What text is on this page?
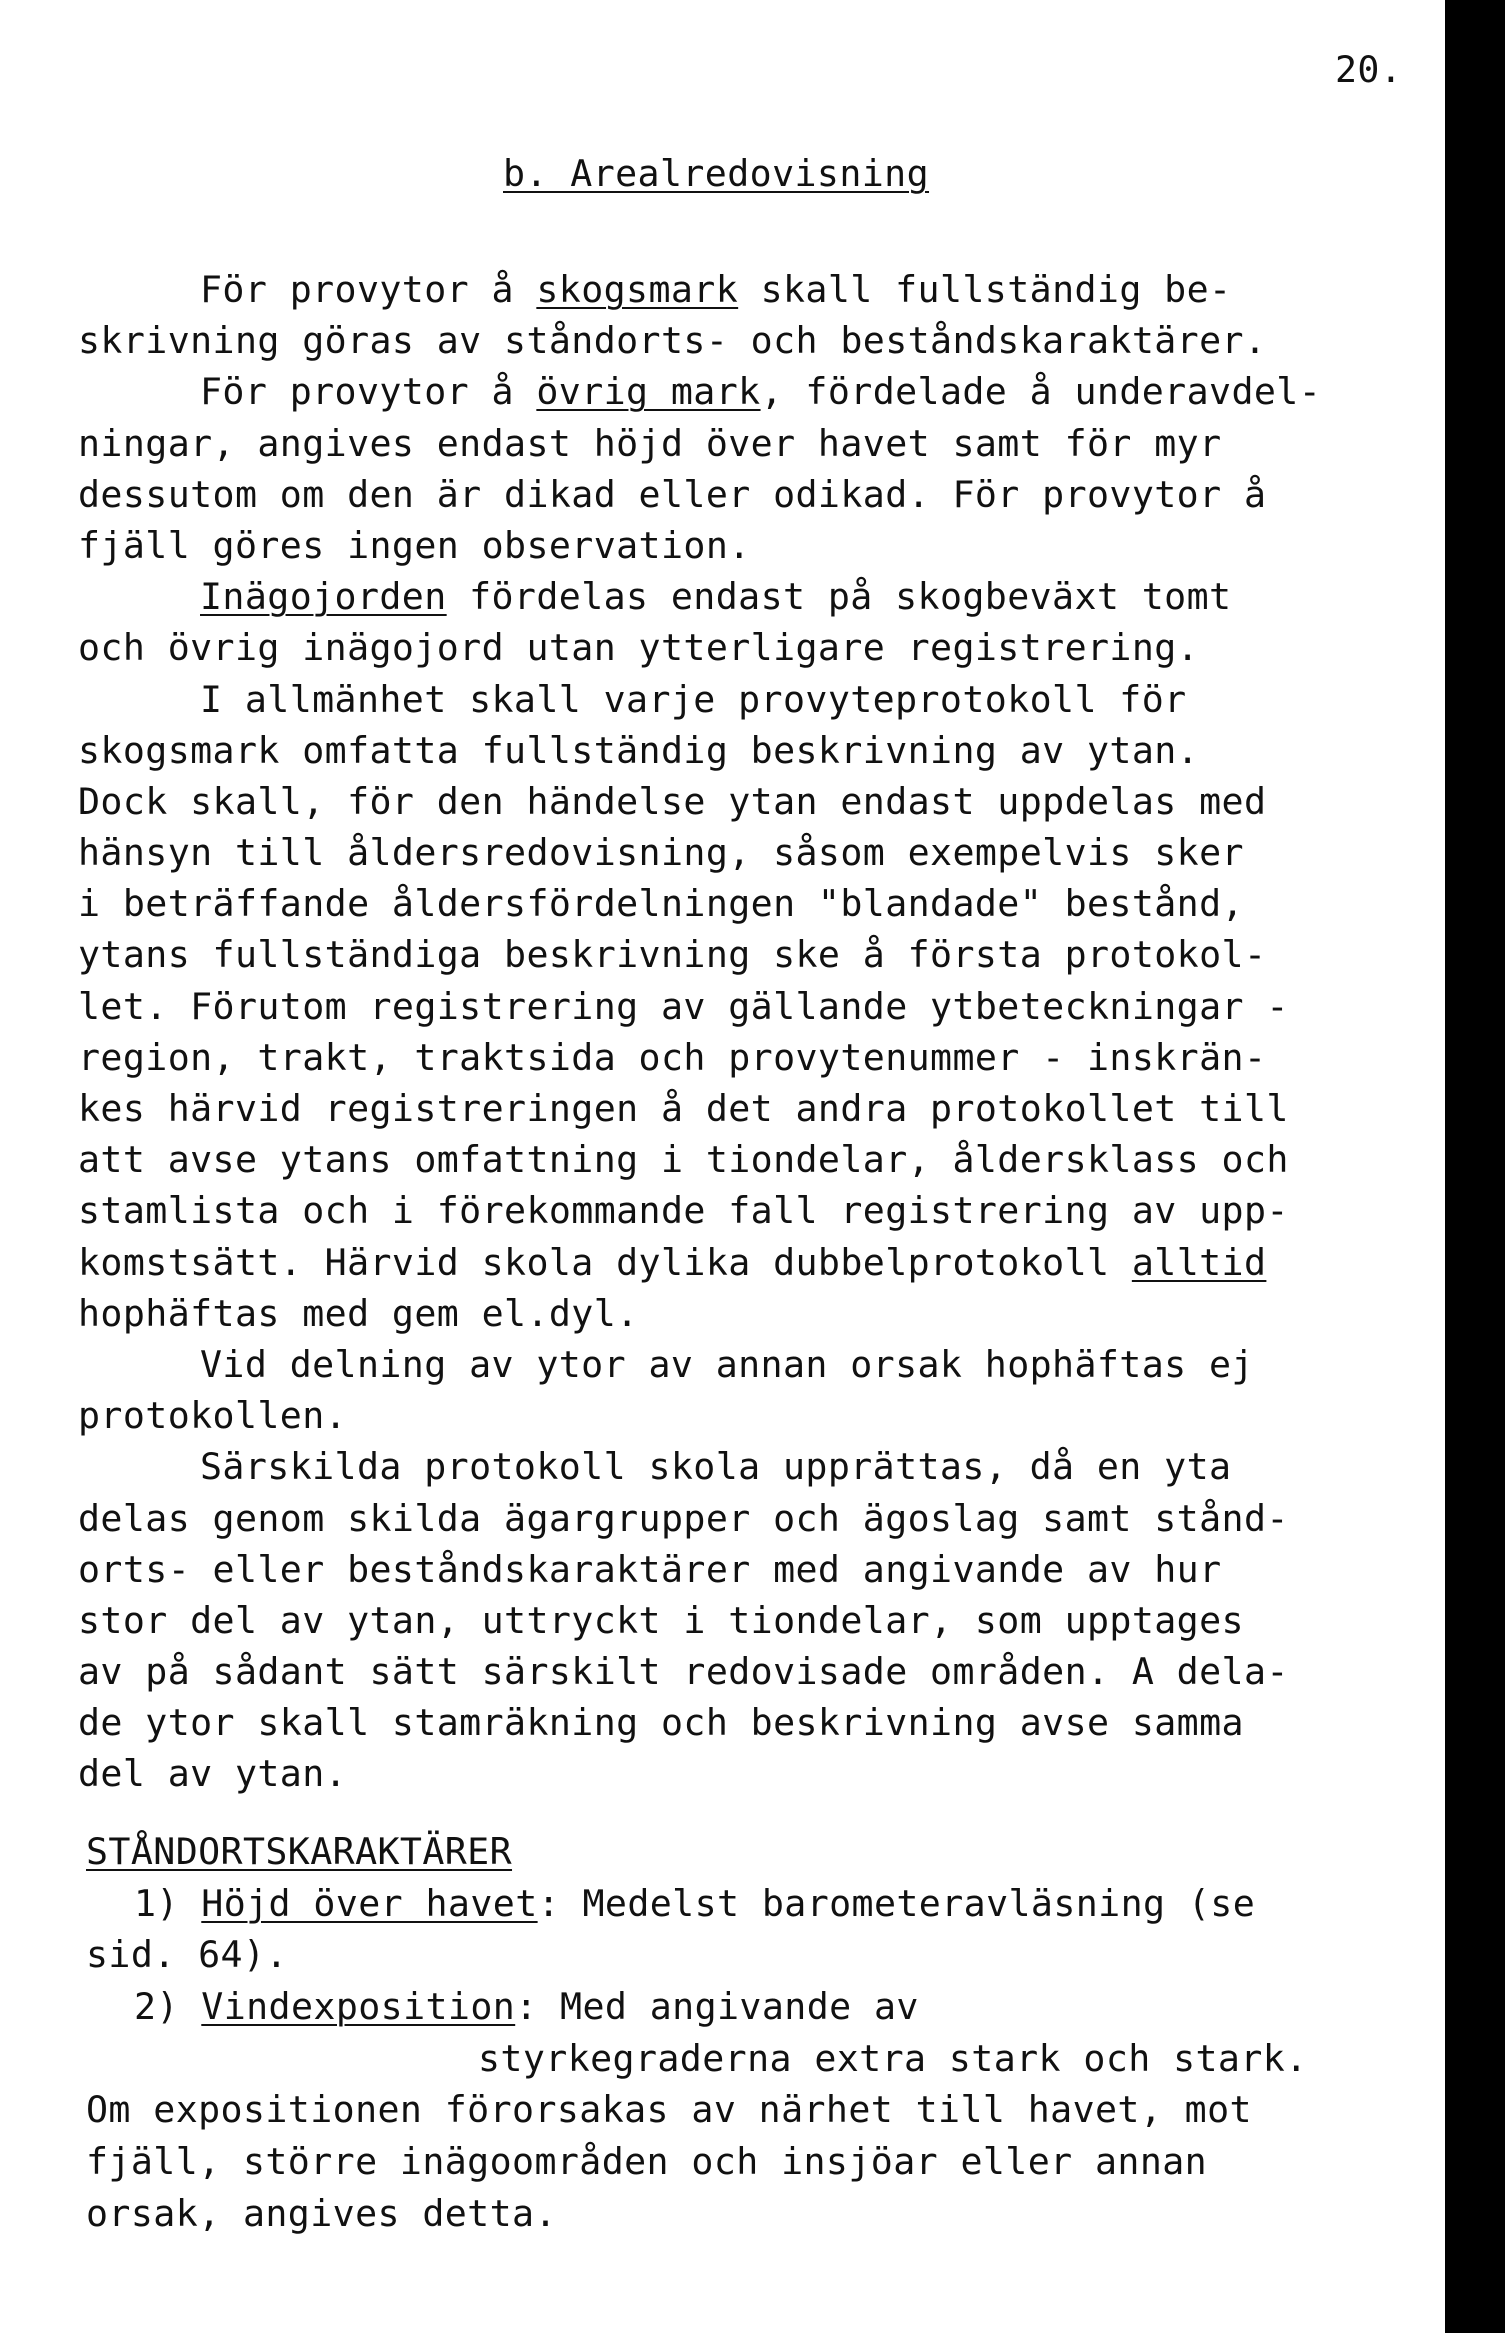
20.
b. Arealredovisning
För provytor å skogsmark skall fullständig be-
skrivning göras av ståndorts- och beståndskaraktärer.
För provytor å övrig mark, fördelade å underavdel-
ningar, angives endast höjd över havet samt för myr
dessutom om den är dikad eller odikad. För provytor å
fjäll göres ingen observation.
Inägojorden fördelas endast på skogbeväxt tomt
och övrig inägojord utan ytterligare registrering.
I allmänhet skall varje provyteprotokoll för
skogsmark omfatta fullständig beskrivning av ytan.
Dock skall, för den händelse ytan endast uppdelas med
hänsyn till åldersredovisning, såsom exempelvis sker
i beträffande åldersfördelningen "blandade" bestånd,
ytans fullständiga beskrivning ske å första protokol-
let. Förutom registrering av gällande ytbeteckningar -
region, trakt, traktsida och provytenummer - inskrän-
kes härvid registreringen å det andra protokollet till
att avse ytans omfattning i tiondelar, åldersklass och
stamlista och i förekommande fall registrering av upp-
komstsätt. Härvid skola dylika dubbelprotokoll alltid
hophäftas med gem el.dyl.
Vid delning av ytor av annan orsak hophäftas ej
protokollen.
Särskilda protokoll skola upprättas, då en yta
delas genom skilda ägargrupper och ägoslag samt stånd-
orts- eller beståndskaraktärer med angivande av hur
stor del av ytan, uttryckt i tiondelar, som upptages
av på sådant sätt särskilt redovisade områden. A dela-
de ytor skall stamräkning och beskrivning avse samma
del av ytan.
STÅNDORTSKARAKTÄRER
1) Höjd över havet: Medelst barometeravläsning (se
sid. 64).
2) Vindexposition: Med angivande av
styrkegraderna extra stark och stark.
Om expositionen förorsakas av närhet till havet, mot
fjäll, större inägoområden och insjöar eller annan
orsak, angives detta.
